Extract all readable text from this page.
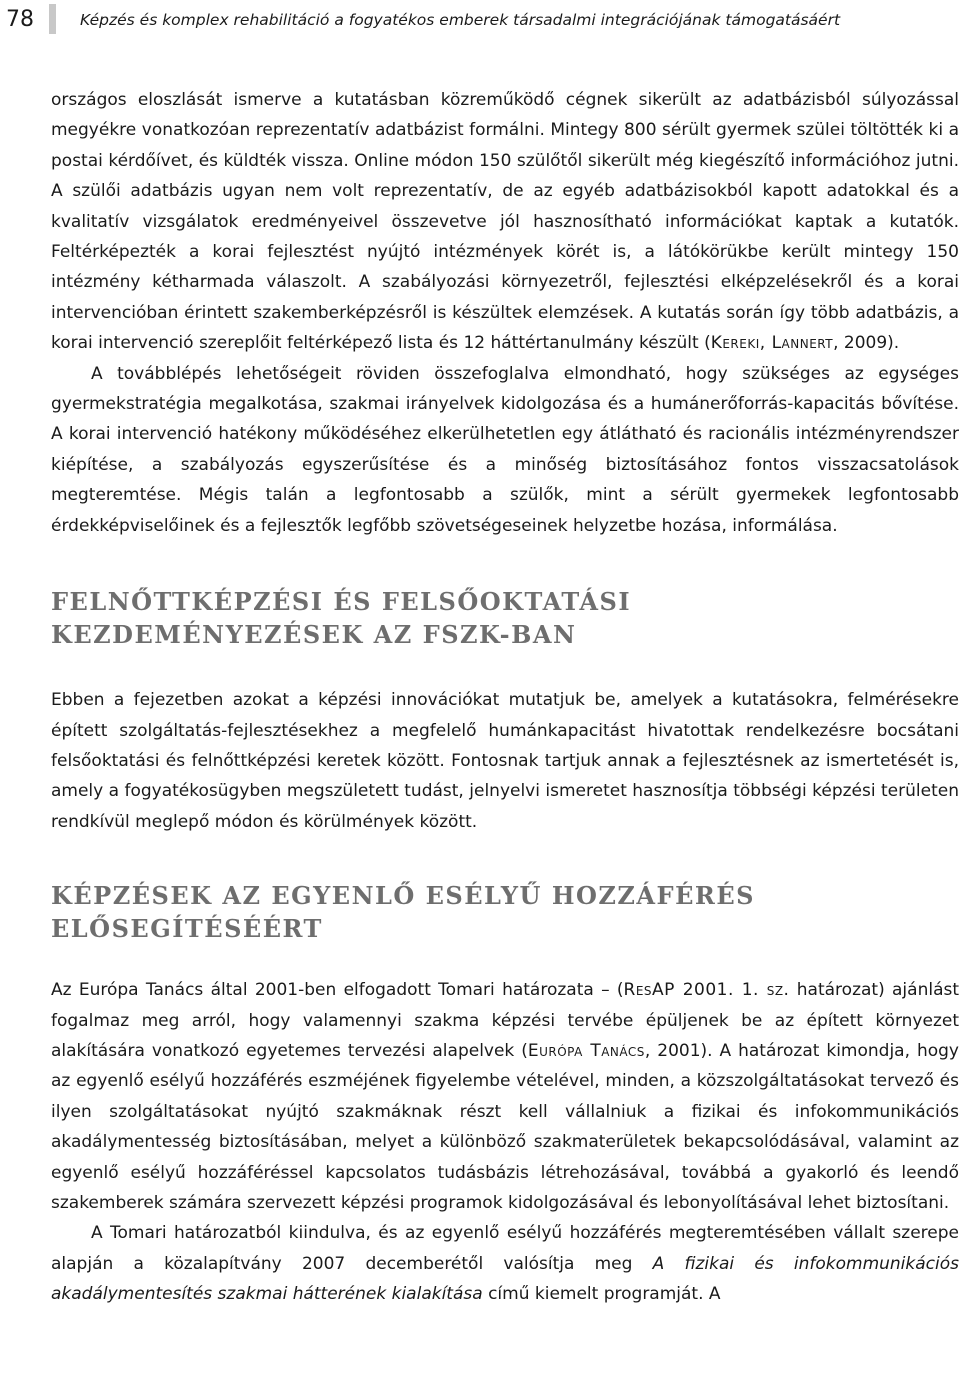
78	Képzés és komplex rehabilitáció a fogyatékos emberek társadalmi integrációjának támogatásáért

országos eloszlását ismerve a kutatásban közreműködő cégnek sikerült az adatbázisból súlyozással megyékre vonatkozóan reprezentatív adatbázist formálni. Mintegy 800 sérült gyermek szülei töltötték ki a postai kérdőívet, és küldték vissza. Online módon 150 szülőtől sikerült még kiegészítő információhoz jutni. A szülői adatbázis ugyan nem volt reprezentatív, de az egyéb adatbázisokból kapott adatokkal és a kvalitatív vizsgálatok eredményeivel összevetve jól hasznosítható információkat kaptak a kutatók. Feltérképezték a korai fejlesztést nyújtó intézmények körét is, a látókörükbe került mintegy 150 intézmény kétharmada válaszolt. A szabályozási környezetről, fejlesztési elképzelésekről és a korai intervencióban érintett szakemberképzésről is készültek elemzések. A kutatás során így több adatbázis, a korai intervenció szereplőit feltérképező lista és 12 háttértanulmány készült (Kereki, Lannert, 2009).

A továbblépés lehetőségeit röviden összefoglalva elmondható, hogy szükséges az egységes gyermekstratégia megalkotása, szakmai irányelvek kidolgozása és a humánerőforrás-kapacitás bővítése. A korai intervenció hatékony működéséhez elkerülhetetlen egy átlátható és racionális intézményrendszer kiépítése, a szabályozás egyszerűsítése és a minőség biztosításához fontos visszacsatolások megteremtése. Mégis talán a legfontosabb a szülők, mint a sérült gyermekek legfontosabb érdekképviselőinek és a fejlesztők legfőbb szövetségeseinek helyzetbe hozása, informálása.

FELNŐTTKÉPZÉSI ÉS FELSŐOKTATÁSI
KEZDEMÉNYEZÉSEK AZ FSZK-BAN

Ebben a fejezetben azokat a képzési innovációkat mutatjuk be, amelyek a kutatásokra, felmérésekre épített szolgáltatás-fejlesztésekhez a megfelelő humánkapacitást hivatottak rendelkezésre bocsátani felsőoktatási és felnőttképzési keretek között. Fontosnak tartjuk annak a fejlesztésnek az ismertetését is, amely a fogyatékosügyben megszületett tudást, jelnyelvi ismeretet hasznosítja többségi képzési területen rendkívül meglepő módon és körülmények között.

KÉPZÉSEK AZ EGYENLŐ ESÉLYŰ HOZZÁFÉRÉS ELŐSEGÍTÉSÉÉRT

Az Európa Tanács által 2001-ben elfogadott Tomari határozata – (ResAP 2001. 1. sz. határozat) ajánlást fogalmaz meg arról, hogy valamennyi szakma képzési tervébe épüljenek be az épített környezet alakítására vonatkozó egyetemes tervezési alapelvek (Európa Tanács, 2001). A határozat kimondja, hogy az egyenlő esélyű hozzáférés eszméjének figyelembe vételével, minden, a közszolgáltatásokat tervező és ilyen szolgáltatásokat nyújtó szakmáknak részt kell vállalniuk a fizikai és infokommunikációs akadálymentesség biztosításában, melyet a különböző szakmaterületek bekapcsolódásával, valamint az egyenlő esélyű hozzáféréssel kapcsolatos tudásbázis létrehozásával, továbbá a gyakorló és leendő szakemberek számára szervezett képzési programok kidolgozásával és lebonyolításával lehet biztosítani.

A Tomari határozatból kiindulva, és az egyenlő esélyű hozzáférés megteremtésében vállalt szerepe alapján a közalapítvány 2007 decemberétől valósítja meg A fizikai és infokommunikációs akadálymentesítés szakmai hátterének kialakítása című kiemelt programját. A
